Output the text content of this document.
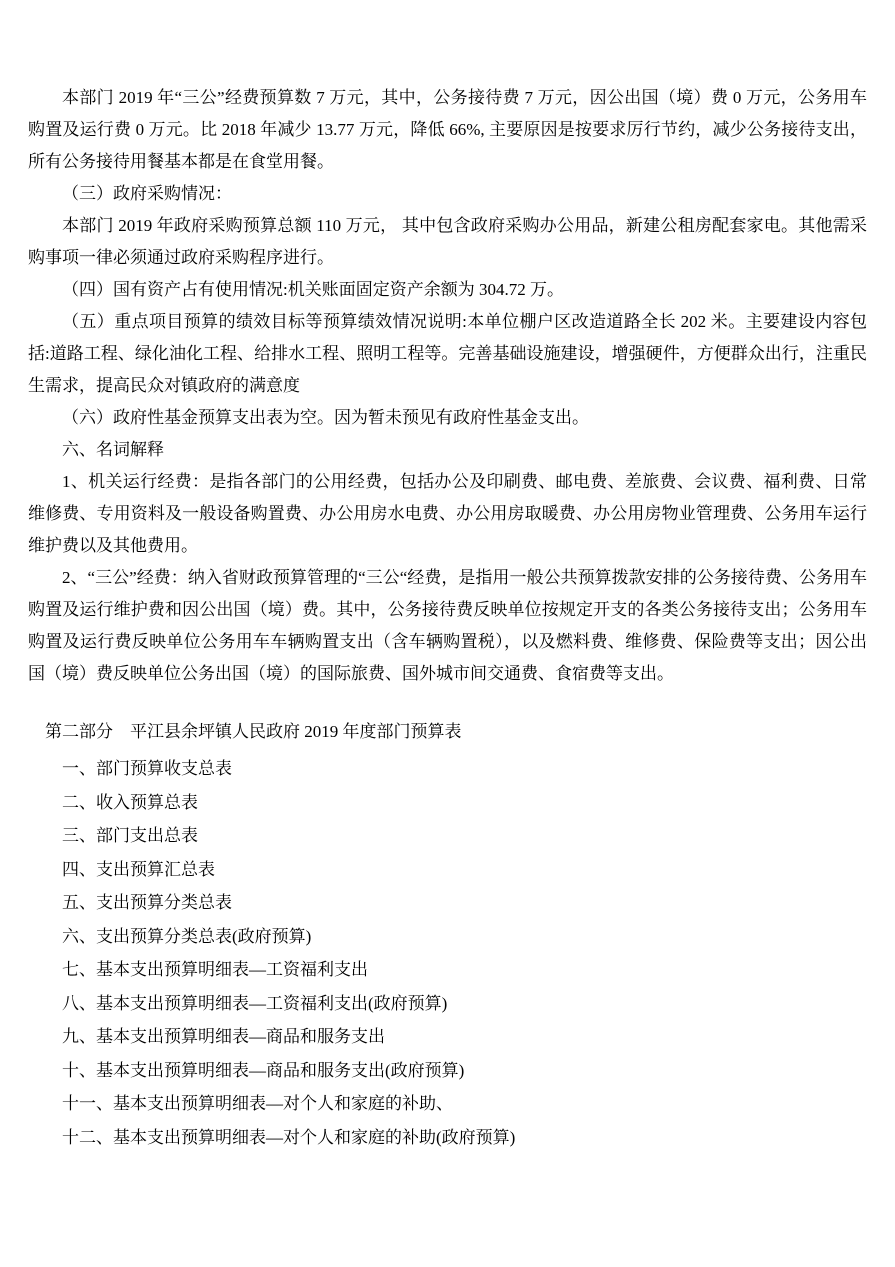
本部门 2019 年“三公”经费预算数 7 万元，其中，公务接待费 7 万元，因公出国（境）费 0 万元，公务用车购置及运行费 0 万元。比 2018 年减少 13.77 万元，降低 66%, 主要原因是按要求厉行节约，减少公务接待支出，所有公务接待用餐基本都是在食堂用餐。

（三）政府采购情况：

本部门 2019 年政府采购预算总额 110 万元， 其中包含政府采购办公用品，新建公租房配套家电。其他需采购事项一律必须通过政府采购程序进行。

（四）国有资产占有使用情况:机关账面固定资产余额为 304.72 万。

（五）重点项目预算的绩效目标等预算绩效情况说明:本单位棚户区改造道路全长 202 米。主要建设内容包括:道路工程、绿化油化工程、给排水工程、照明工程等。完善基础设施建设，增强硬件，方便群众出行，注重民生需求，提高民众对镇政府的满意度

（六）政府性基金预算支出表为空。因为暂未预见有政府性基金支出。

六、名词解释

1、机关运行经费：是指各部门的公用经费，包括办公及印刷费、邮电费、差旅费、会议费、福利费、日常维修费、专用资料及一般设备购置费、办公用房水电费、办公用房取暖费、办公用房物业管理费、公务用车运行维护费以及其他费用。

2、“三公”经费：纳入省财政预算管理的“三公“经费，是指用一般公共预算拨款安排的公务接待费、公务用车购置及运行维护费和因公出国（境）费。其中，公务接待费反映单位按规定开支的各类公务接待支出；公务用车购置及运行费反映单位公务用车车辆购置支出（含车辆购置税），以及燃料费、维修费、保险费等支出；因公出国（境）费反映单位公务出国（境）的国际旅费、国外城市间交通费、食宿费等支出。

第二部分　平江县余坪镇人民政府 2019 年度部门预算表

一、部门预算收支总表

二、收入预算总表

三、部门支出总表

四、支出预算汇总表

五、支出预算分类总表

六、支出预算分类总表(政府预算)

七、基本支出预算明细表—工资福利支出

八、基本支出预算明细表—工资福利支出(政府预算)

九、基本支出预算明细表—商品和服务支出

十、基本支出预算明细表—商品和服务支出(政府预算)

十一、基本支出预算明细表—对个人和家庭的补助、

十二、基本支出预算明细表—对个人和家庭的补助(政府预算)
